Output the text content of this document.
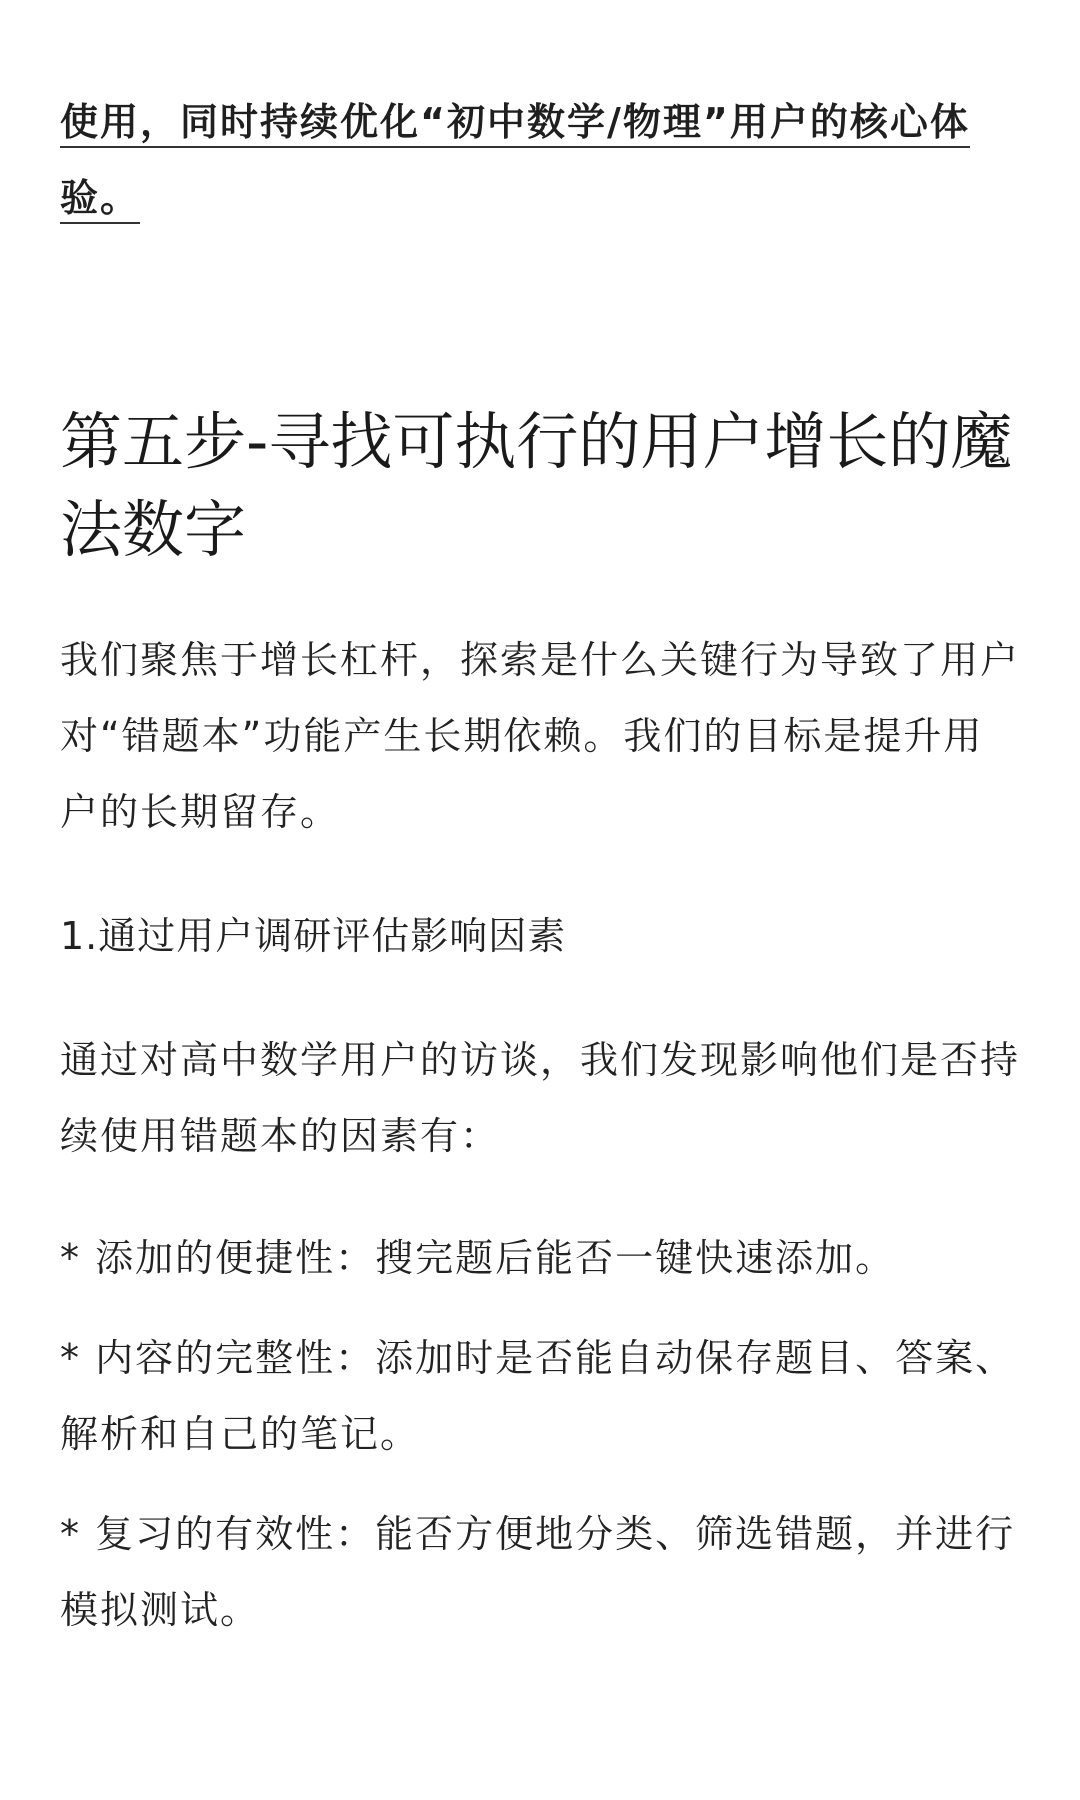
使用，同时持续优化“初中数学/物理”用户的核心体验。

第五步-寻找可执行的用户增长的魔法数字

我们聚焦于增长杠杆，探索是什么关键行为导致了用户对“错题本”功能产生长期依赖。我们的目标是提升用户的长期留存。

1.通过用户调研评估影响因素

通过对高中数学用户的访谈，我们发现影响他们是否持续使用错题本的因素有：

* 添加的便捷性：搜完题后能否一键快速添加。

* 内容的完整性：添加时是否能自动保存题目、答案、解析和自己的笔记。

* 复习的有效性：能否方便地分类、筛选错题，并进行模拟测试。
